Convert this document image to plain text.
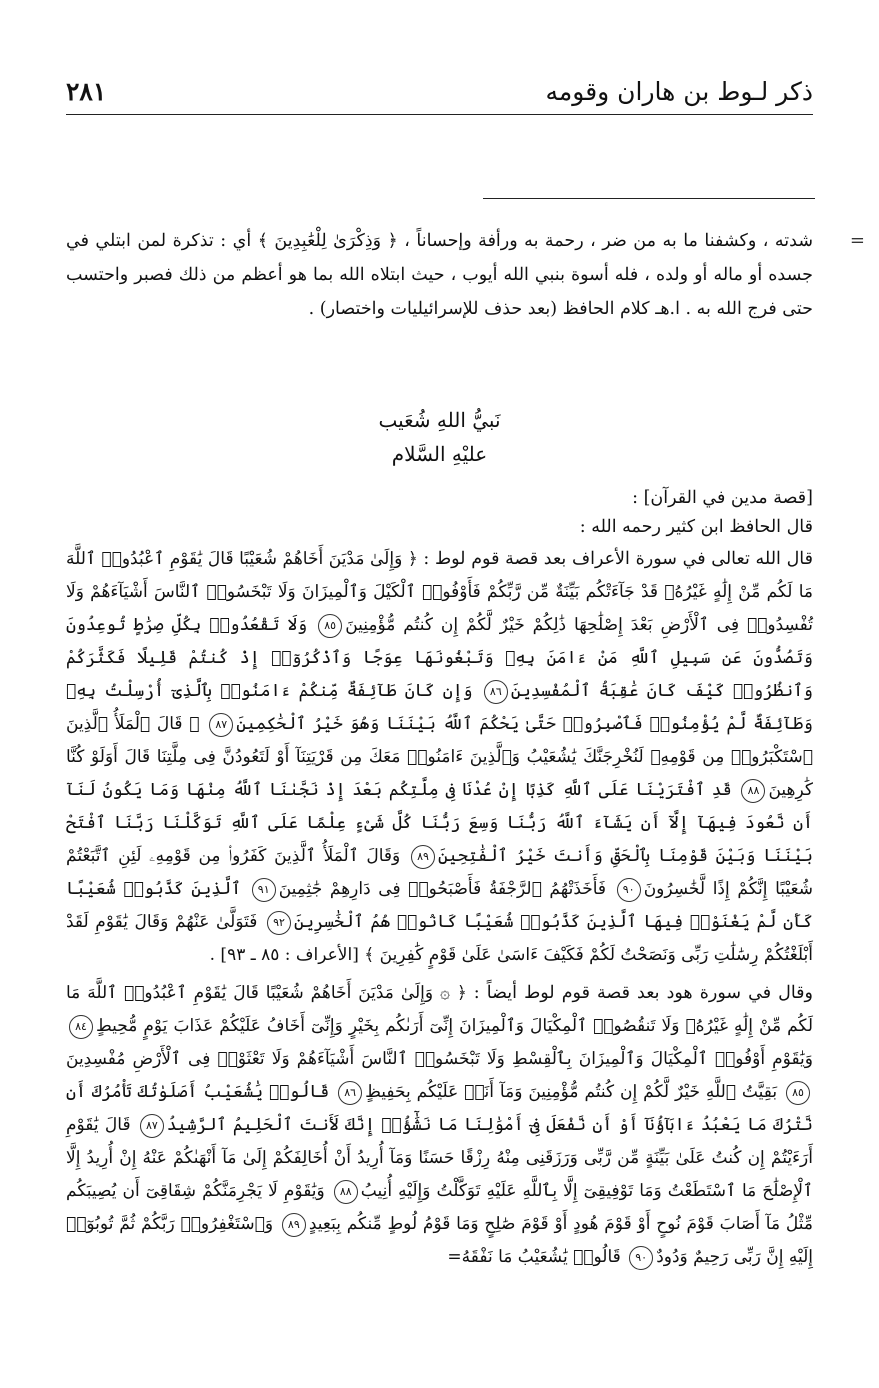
ذكر لـوط بن هاران وقومه
٢٨١
=
شدته ، وكشفنا ما به من ضر ، رحمة به ورأفة وإحساناً ، ﴿ وَذِكْرَىٰ لِلْعَٰبِدِينَ ﴾ أي : تذكرة لمن ابتلي في جسده أو ماله أو ولده ، فله أسوة بنبي الله أيوب ، حيث ابتلاه الله بما هو أعظم من ذلك فصبر واحتسب حتى فرج الله به . ا.هـ كلام الحافظ (بعد حذف للإسرائيليات واختصار) .
نَبيُّ اللهِ شُعَيب
عليْهِ السَّلام
[قصة مدين في القرآن] :
قال الحافظ ابن كثير رحمه الله :
قال الله تعالى في سورة الأعراف بعد قصة قوم لوط : ﴿ وَإِلَىٰ مَدْيَنَ أَخَاهُمْ شُعَيْبًا قَالَ يَٰقَوْمِ ٱعْبُدُوا۟ ٱللَّهَ مَا لَكُم مِّنْ إِلَٰهٍ غَيْرُهُۥ قَدْ جَآءَتْكُم بَيِّنَةٌ مِّن رَّبِّكُمْ فَأَوْفُوا۟ ٱلْكَيْلَ وَٱلْمِيزَانَ وَلَا تَبْخَسُوا۟ ٱلنَّاسَ أَشْيَآءَهُمْ وَلَا تُفْسِدُوا۟ فِى ٱلْأَرْضِ بَعْدَ إِصْلَٰحِهَا ذَٰلِكُمْ خَيْرٌ لَّكُمْ إِن كُنتُم مُّؤْمِنِينَ٨٥ وَلَا تَقْعُدُوا۟ بِكُلِّ صِرَٰطٍ تُوعِدُونَ وَتَصُدُّونَ عَن سَبِيلِ ٱللَّهِ مَنْ ءَامَنَ بِهِۦ وَتَبْغُونَهَا عِوَجًا وَٱذْكُرُوٓا۟ إِذْ كُنتُمْ قَلِيلًا فَكَثَّرَكُمْ وَٱنظُرُوا۟ كَيْفَ كَانَ عَٰقِبَةُ ٱلْمُفْسِدِينَ٨٦ وَإِن كَانَ طَآئِفَةٌ مِّنكُمْ ءَامَنُوا۟ بِٱلَّذِىٓ أُرْسِلْتُ بِهِۦ وَطَآئِفَةٌ لَّمْ يُؤْمِنُوا۟ فَٱصْبِرُوا۟ حَتَّىٰ يَحْكُمَ ٱللَّهُ بَيْنَنَا وَهُوَ خَيْرُ ٱلْحَٰكِمِينَ٨٧ ۞ قَالَ ٱلْمَلَأُ ٱلَّذِينَ ٱسْتَكْبَرُوا۟ مِن قَوْمِهِۦ لَنُخْرِجَنَّكَ يَٰشُعَيْبُ وَٱلَّذِينَ ءَامَنُوا۟ مَعَكَ مِن قَرْيَتِنَآ أَوْ لَتَعُودُنَّ فِى مِلَّتِنَا قَالَ أَوَلَوْ كُنَّا كَٰرِهِينَ٨٨ قَدِ ٱفْتَرَيْنَا عَلَى ٱللَّهِ كَذِبًا إِنْ عُدْنَا فِى مِلَّتِكُم بَعْدَ إِذْ نَجَّىٰنَا ٱللَّهُ مِنْهَا وَمَا يَكُونُ لَنَآ أَن نَّعُودَ فِيهَآ إِلَّآ أَن يَشَآءَ ٱللَّهُ رَبُّنَا وَسِعَ رَبُّنَا كُلَّ شَىْءٍ عِلْمًا عَلَى ٱللَّهِ تَوَكَّلْنَا رَبَّنَا ٱفْتَحْ بَيْنَنَا وَبَيْنَ قَوْمِنَا بِٱلْحَقِّ وَأَنتَ خَيْرُ ٱلْفَٰتِحِينَ٨٩ وَقَالَ ٱلْمَلَأُ ٱلَّذِينَ كَفَرُوا۟ مِن قَوْمِهِۦ لَئِنِ ٱتَّبَعْتُمْ شُعَيْبًا إِنَّكُمْ إِذًا لَّخَٰسِرُونَ٩٠ فَأَخَذَتْهُمُ ٱلرَّجْفَةُ فَأَصْبَحُوا۟ فِى دَارِهِمْ جَٰثِمِينَ٩١ ٱلَّذِينَ كَذَّبُوا۟ شُعَيْبًا كَأَن لَّمْ يَغْنَوْا۟ فِيهَا ٱلَّذِينَ كَذَّبُوا۟ شُعَيْبًا كَانُوا۟ هُمُ ٱلْخَٰسِرِينَ٩٢ فَتَوَلَّىٰ عَنْهُمْ وَقَالَ يَٰقَوْمِ لَقَدْ أَبْلَغْتُكُمْ رِسَٰلَٰتِ رَبِّى وَنَصَحْتُ لَكُمْ فَكَيْفَ ءَاسَىٰ عَلَىٰ قَوْمٍ كَٰفِرِينَ ﴾ [الأعراف : ٨٥ ـ ٩٣] .
وقال في سورة هود بعد قصة قوم لوط أيضاً : ﴿ ۞ وَإِلَىٰ مَدْيَنَ أَخَاهُمْ شُعَيْبًا قَالَ يَٰقَوْمِ ٱعْبُدُوا۟ ٱللَّهَ مَا لَكُم مِّنْ إِلَٰهٍ غَيْرُهُۥ وَلَا تَنقُصُوا۟ ٱلْمِكْيَالَ وَٱلْمِيزَانَ إِنِّىٓ أَرَىٰكُم بِخَيْرٍ وَإِنِّىٓ أَخَافُ عَلَيْكُمْ عَذَابَ يَوْمٍ مُّحِيطٍ٨٤ وَيَٰقَوْمِ أَوْفُوا۟ ٱلْمِكْيَالَ وَٱلْمِيزَانَ بِٱلْقِسْطِ وَلَا تَبْخَسُوا۟ ٱلنَّاسَ أَشْيَآءَهُمْ وَلَا تَعْثَوْا۟ فِى ٱلْأَرْضِ مُفْسِدِينَ٨٥ بَقِيَّتُ ٱللَّهِ خَيْرٌ لَّكُمْ إِن كُنتُم مُّؤْمِنِينَ وَمَآ أَنَا۠ عَلَيْكُم بِحَفِيظٍ٨٦ قَالُوا۟ يَٰشُعَيْبُ أَصَلَوٰتُكَ تَأْمُرُكَ أَن نَّتْرُكَ مَا يَعْبُدُ ءَابَآؤُنَآ أَوْ أَن نَّفْعَلَ فِىٓ أَمْوَٰلِنَا مَا نَشَٰٓؤُا۟ إِنَّكَ لَأَنتَ ٱلْحَلِيمُ ٱلرَّشِيدُ٨٧ قَالَ يَٰقَوْمِ أَرَءَيْتُمْ إِن كُنتُ عَلَىٰ بَيِّنَةٍ مِّن رَّبِّى وَرَزَقَنِى مِنْهُ رِزْقًا حَسَنًا وَمَآ أُرِيدُ أَنْ أُخَالِفَكُمْ إِلَىٰ مَآ أَنْهَىٰكُمْ عَنْهُ إِنْ أُرِيدُ إِلَّا ٱلْإِصْلَٰحَ مَا ٱسْتَطَعْتُ وَمَا تَوْفِيقِىٓ إِلَّا بِٱللَّهِ عَلَيْهِ تَوَكَّلْتُ وَإِلَيْهِ أُنِيبُ٨٨ وَيَٰقَوْمِ لَا يَجْرِمَنَّكُمْ شِقَاقِىٓ أَن يُصِيبَكُم مِّثْلُ مَآ أَصَابَ قَوْمَ نُوحٍ أَوْ قَوْمَ هُودٍ أَوْ قَوْمَ صَٰلِحٍ وَمَا قَوْمُ لُوطٍ مِّنكُم بِبَعِيدٍ٨٩ وَٱسْتَغْفِرُوا۟ رَبَّكُمْ ثُمَّ تُوبُوٓا۟ إِلَيْهِ إِنَّ رَبِّى رَحِيمٌ وَدُودٌ٩٠ قَالُوا۟ يَٰشُعَيْبُ مَا نَفْقَهُ=
